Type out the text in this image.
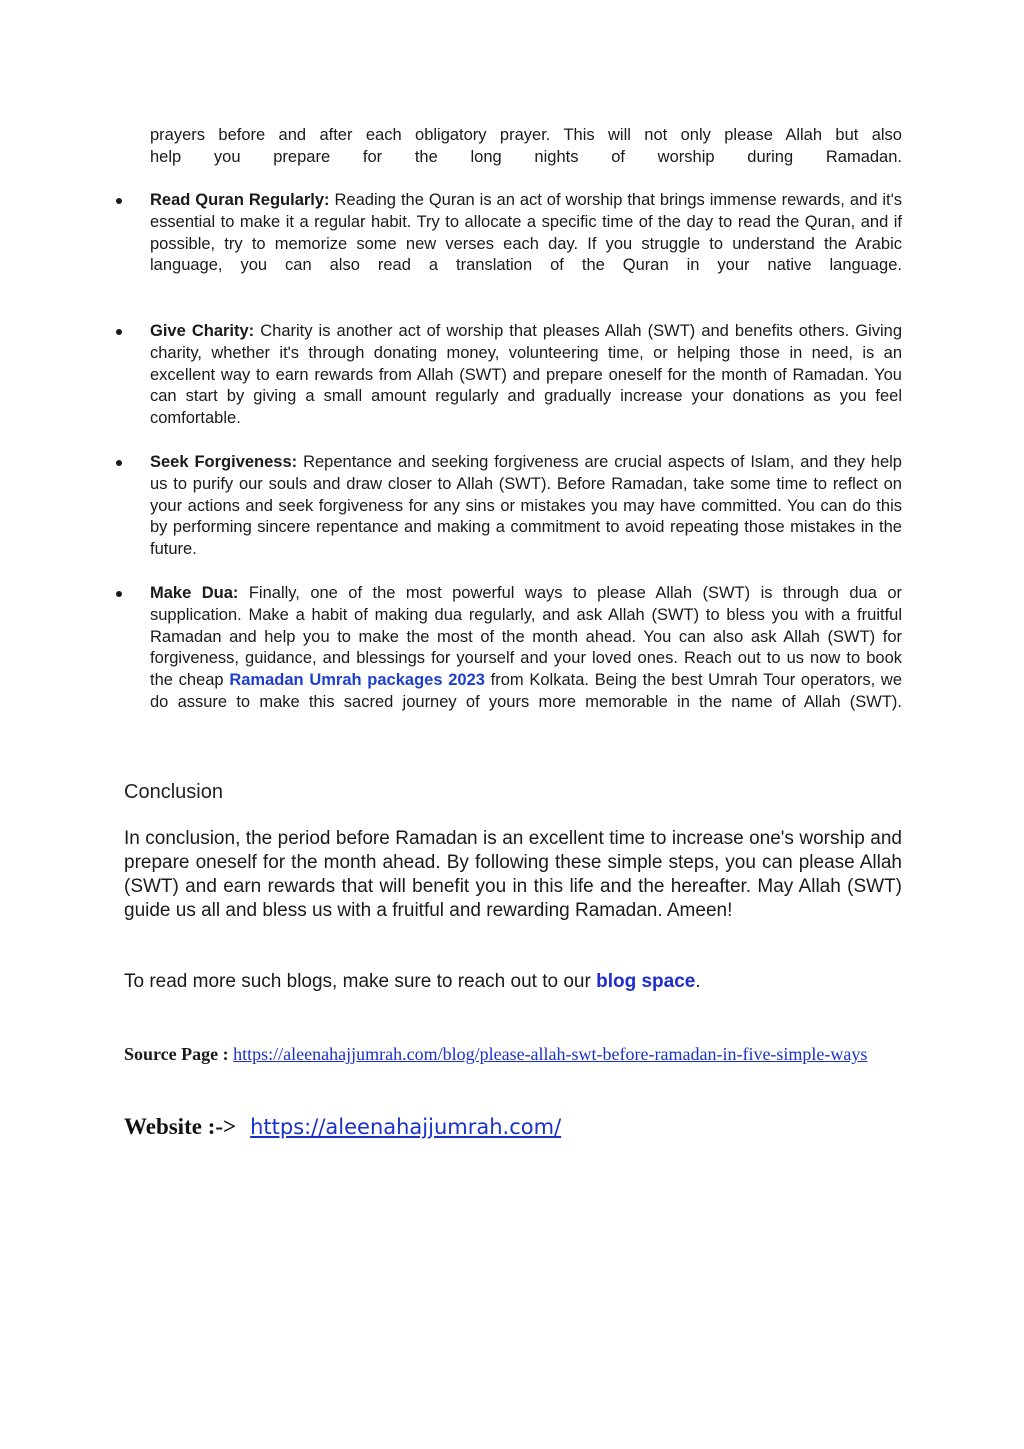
prayers before and after each obligatory prayer. This will not only please Allah but also

help you prepare for the long nights of worship during Ramadan.

Read Quran Regularly: Reading the Quran is an act of worship that brings immense rewards, and it's essential to make it a regular habit. Try to allocate a specific time of the day to read the Quran, and if possible, try to memorize some new verses each day. If you struggle to understand the Arabic language, you can also read a translation of the Quran in your native language.

Give Charity: Charity is another act of worship that pleases Allah (SWT) and benefits others. Giving charity, whether it's through donating money, volunteering time, or helping those in need, is an excellent way to earn rewards from Allah (SWT) and prepare oneself for the month of Ramadan. You can start by giving a small amount regularly and gradually increase your donations as you feel comfortable.

Seek Forgiveness: Repentance and seeking forgiveness are crucial aspects of Islam, and they help us to purify our souls and draw closer to Allah (SWT). Before Ramadan, take some time to reflect on your actions and seek forgiveness for any sins or mistakes you may have committed. You can do this by performing sincere repentance and making a commitment to avoid repeating those mistakes in the future.

Make Dua: Finally, one of the most powerful ways to please Allah (SWT) is through dua or supplication. Make a habit of making dua regularly, and ask Allah (SWT) to bless you with a fruitful Ramadan and help you to make the most of the month ahead. You can also ask Allah (SWT) for forgiveness, guidance, and blessings for yourself and your loved ones. Reach out to us now to book the cheap Ramadan Umrah packages 2023 from Kolkata. Being the best Umrah Tour operators, we do assure to make this sacred journey of yours more memorable in the name of Allah (SWT).

Conclusion

In conclusion, the period before Ramadan is an excellent time to increase one's worship and prepare oneself for the month ahead. By following these simple steps, you can please Allah (SWT) and earn rewards that will benefit you in this life and the hereafter. May Allah (SWT) guide us all and bless us with a fruitful and rewarding Ramadan. Ameen!

To read more such blogs, make sure to reach out to our blog space.

Source Page : https://aleenahajjumrah.com/blog/please-allah-swt-before-ramadan-in-five-simple-ways
Website :-> https://aleenahajjumrah.com/
